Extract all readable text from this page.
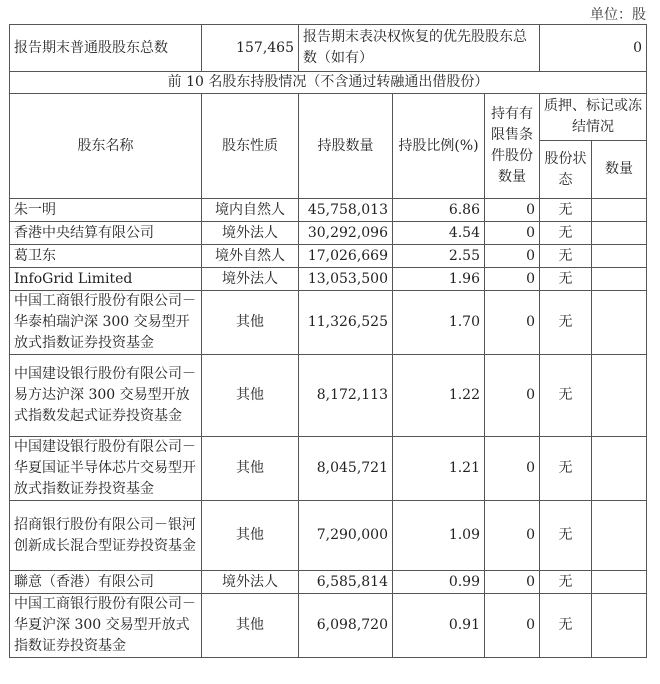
单位：股
报告期末普通股股东总数	157,465	报告期末表决权恢复的优先股股东总数（如有）			0	
前 10 名股东持股情况（不含通过转融通出借股份）						
股东名称	股东性质	持股数量	持股比例(%)	持有有限售条件股份数量	质押、标记或冻结情况	
					股份状态	数量
朱一明	境内自然人	45,758,013	6.86	0	无	
香港中央结算有限公司	境外法人	30,292,096	4.54	0	无	
葛卫东	境外自然人	17,026,669	2.55	0	无	
InfoGrid Limited	境外法人	13,053,500	1.96	0	无	
中国工商银行股份有限公司－华泰柏瑞沪深 300 交易型开放式指数证券投资基金	其他	11,326,525	1.70	0	无	
中国建设银行股份有限公司－易方达沪深 300 交易型开放式指数发起式证券投资基金	其他	8,172,113	1.22	0	无	
中国建设银行股份有限公司－华夏国证半导体芯片交易型开放式指数证券投资基金	其他	8,045,721	1.21	0	无	
招商银行股份有限公司－银河创新成长混合型证券投资基金	其他	7,290,000	1.09	0	无	
聯意（香港）有限公司	境外法人	6,585,814	0.99	0	无	
中国工商银行股份有限公司－华夏沪深 300 交易型开放式指数证券投资基金	其他	6,098,720	0.91	0	无	
